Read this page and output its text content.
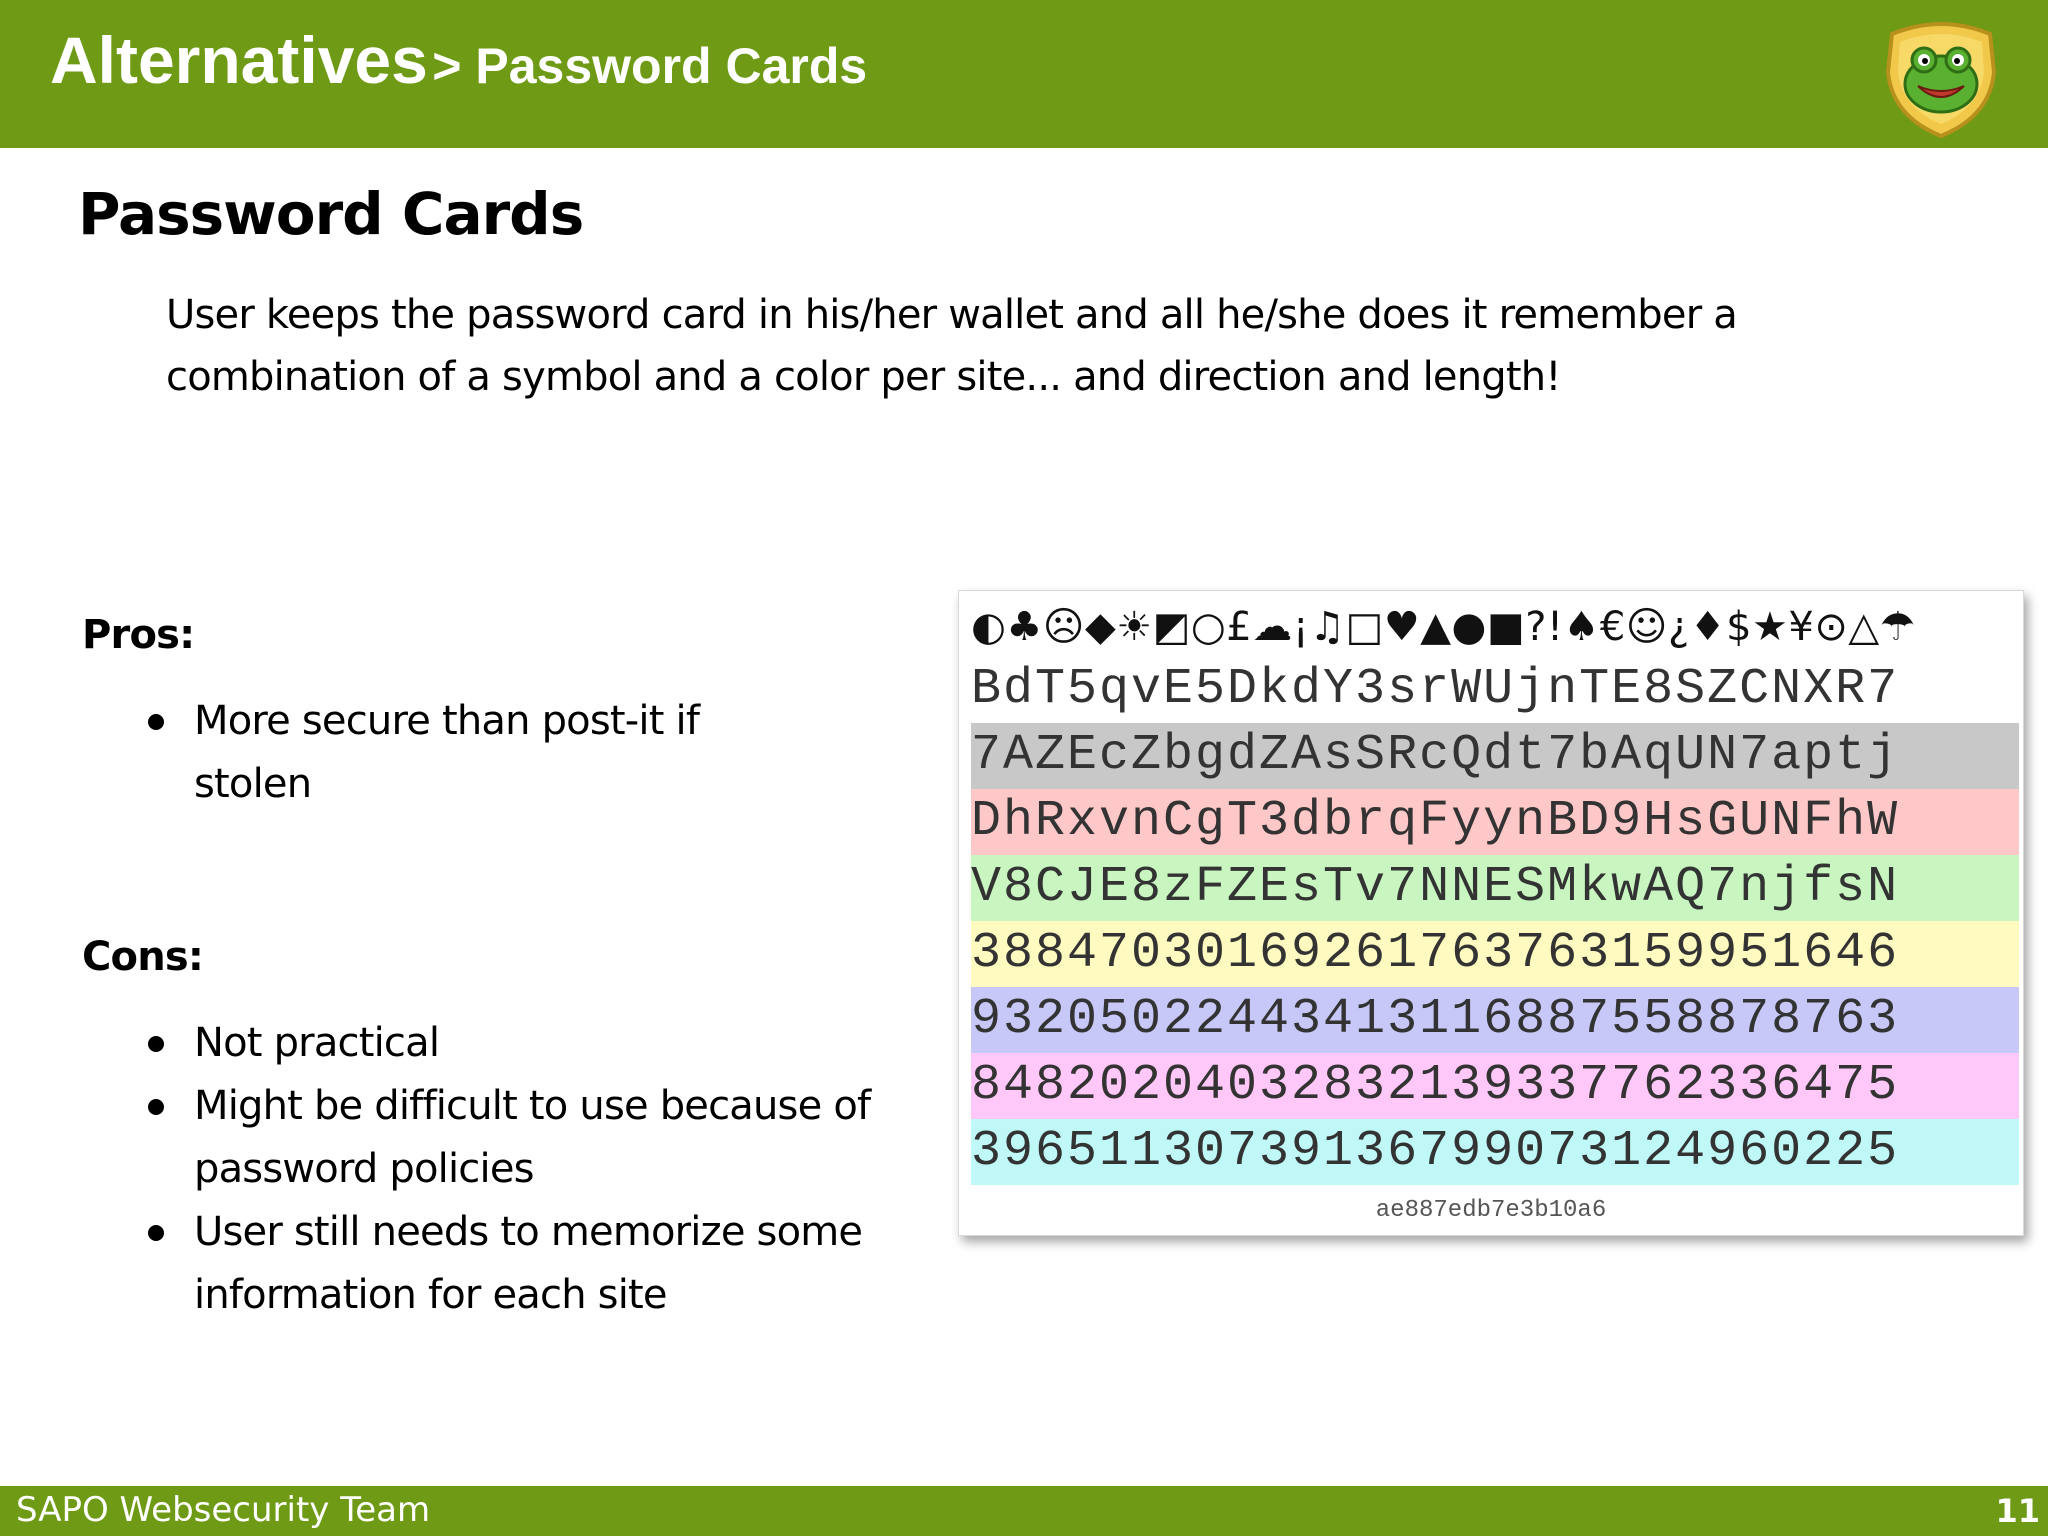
Alternatives > Password Cards
Password Cards

User keeps the password card in his/her wallet and all he/she does it remember a combination of a symbol and a color per site... and direction and length!

Pros:

More secure than post-it if stolen

Cons:

Not practical
Might be difficult to use because of password policies
User still needs to memorize some information for each site
◐♣☹◆☀◩○£☁¡♫□♥▲●■?!♠€☺¿♦$★¥⊙△☂
BdT5qvE5DkdY3srWUjnTE8SZCNXR7
7AZEcZbgdZAsSRcQdt7bAqUN7aptj
DhRxvnCgT3dbrqFyynBD9HsGUNFhW
V8CJE8zFZEsTv7NNESMkwAQ7njfsN
38847030169261763763159951646
93205022443413116887558878763
84820204032832139337762336475
39651130739136799073124960225
ae887edb7e3b10a6
SAPO Websecurity Team	11
